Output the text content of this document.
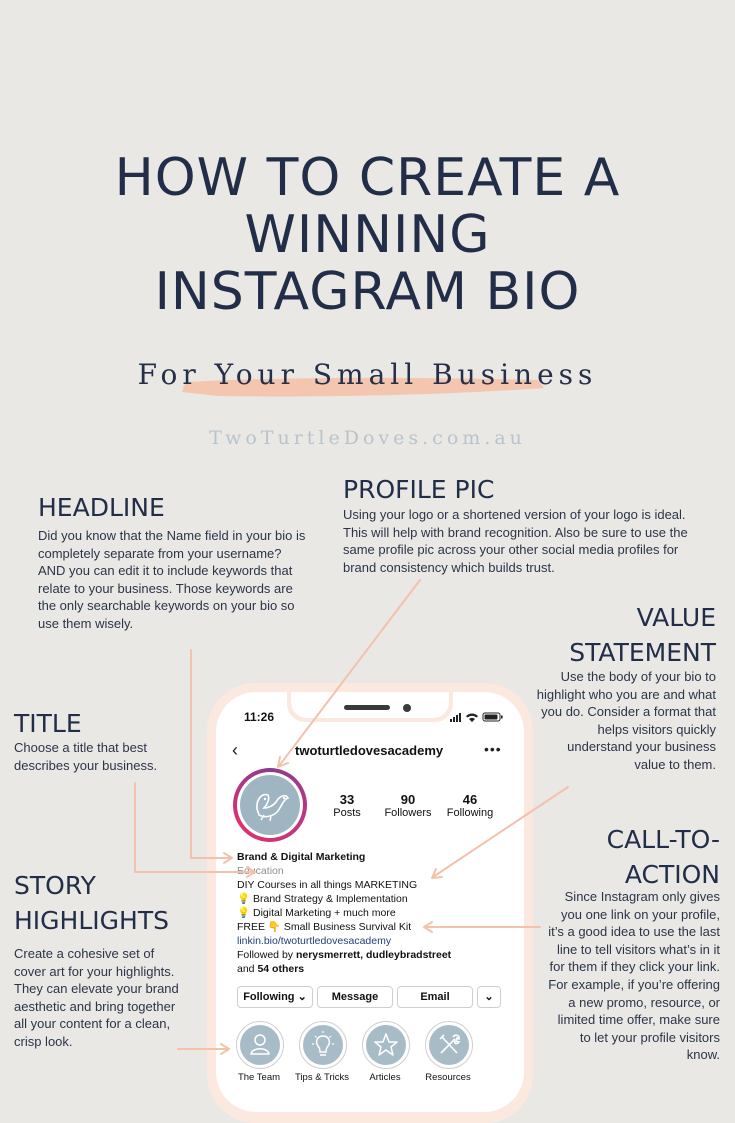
HOW TO CREATE A
WINNING
INSTAGRAM BIO
For Your Small Business
TwoTurtleDoves.com.au
HEADLINE
Did you know that the Name field in your bio is completely separate from your username? AND you can edit it to include keywords that relate to your business. Those keywords are the only searchable keywords on your bio so use them wisely.
PROFILE PIC
Using your logo or a shortened version of your logo is ideal. This will help with brand recognition. Also be sure to use the same profile pic across your other social media profiles for brand consistency which builds trust.
VALUE
STATEMENT
Use the body of your bio to highlight who you are and what you do. Consider a format that helps visitors quickly understand your business value to them.
TITLE
Choose a title that best describes your business.
STORY
HIGHLIGHTS
Create a cohesive set of cover art for your highlights. They can elevate your brand aesthetic and bring together all your content for a clean, crisp look.
CALL-TO-
ACTION
Since Instagram only gives you one link on your profile, it’s a good idea to use the last line to tell visitors what’s in it for them if they click your link. For example, if you’re offering a new promo, resource, or limited time offer, make sure to let your profile visitors know.
11:26
‹	twoturtledovesacademy	•••
33
Posts
90
Followers
46
Following
Brand & Digital Marketing
Education
DIY Courses in all things MARKETING
💡 Brand Strategy & Implementation
💡 Digital Marketing + much more
FREE 👇 Small Business Survival Kit
linkin.bio/twoturtledovesacademy
Followed by nerysmerrett, dudleybradstreet
and 54 others
Following ⌄	Message	Email	⌄
The Team	Tips & Tricks	Articles	Resources
